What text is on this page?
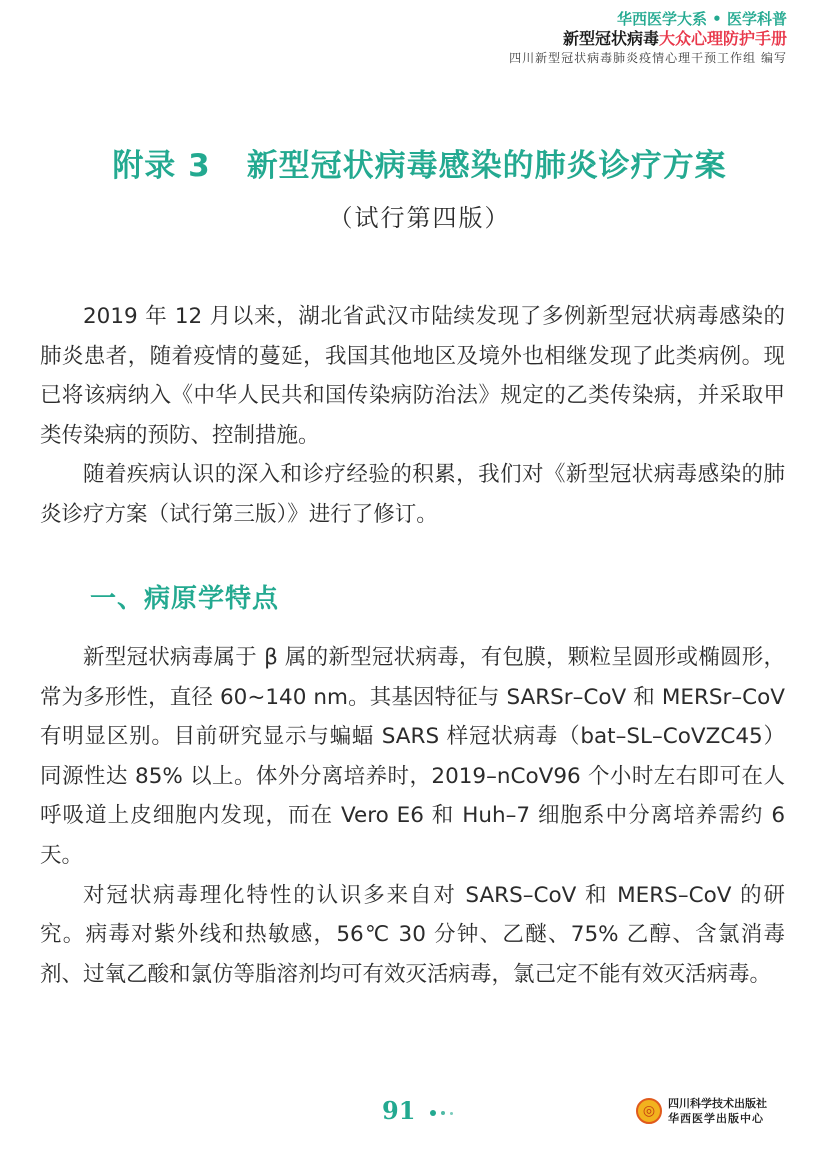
华西医学大系 • 医学科普
新型冠状病毒大众心理防护手册
四川新型冠状病毒肺炎疫情心理干预工作组 编写
附录 3 新型冠状病毒感染的肺炎诊疗方案
（试行第四版）

2019 年 12 月以来，湖北省武汉市陆续发现了多例新型冠状病毒感染的肺炎患者，随着疫情的蔓延，我国其他地区及境外也相继发现了此类病例。现已将该病纳入《中华人民共和国传染病防治法》规定的乙类传染病，并采取甲类传染病的预防、控制措施。

随着疾病认识的深入和诊疗经验的积累，我们对《新型冠状病毒感染的肺炎诊疗方案（试行第三版）》进行了修订。

一、病原学特点

新型冠状病毒属于 β 属的新型冠状病毒，有包膜，颗粒呈圆形或椭圆形，常为多形性，直径 60~140 nm。其基因特征与 SARSr–CoV 和 MERSr–CoV 有明显区别。目前研究显示与蝙蝠 SARS 样冠状病毒（bat–SL–CoVZC45）同源性达 85% 以上。体外分离培养时，2019–nCoV96 个小时左右即可在人呼吸道上皮细胞内发现，而在 Vero E6 和 Huh–7 细胞系中分离培养需约 6 天。

对冠状病毒理化特性的认识多来自对 SARS–CoV 和 MERS–CoV 的研究。病毒对紫外线和热敏感，56℃ 30 分钟、乙醚、75% 乙醇、含氯消毒剂、过氧乙酸和氯仿等脂溶剂均可有效灭活病毒，氯己定不能有效灭活病毒。

91	◎	四川科学技术出版社
华西医学出版中心
